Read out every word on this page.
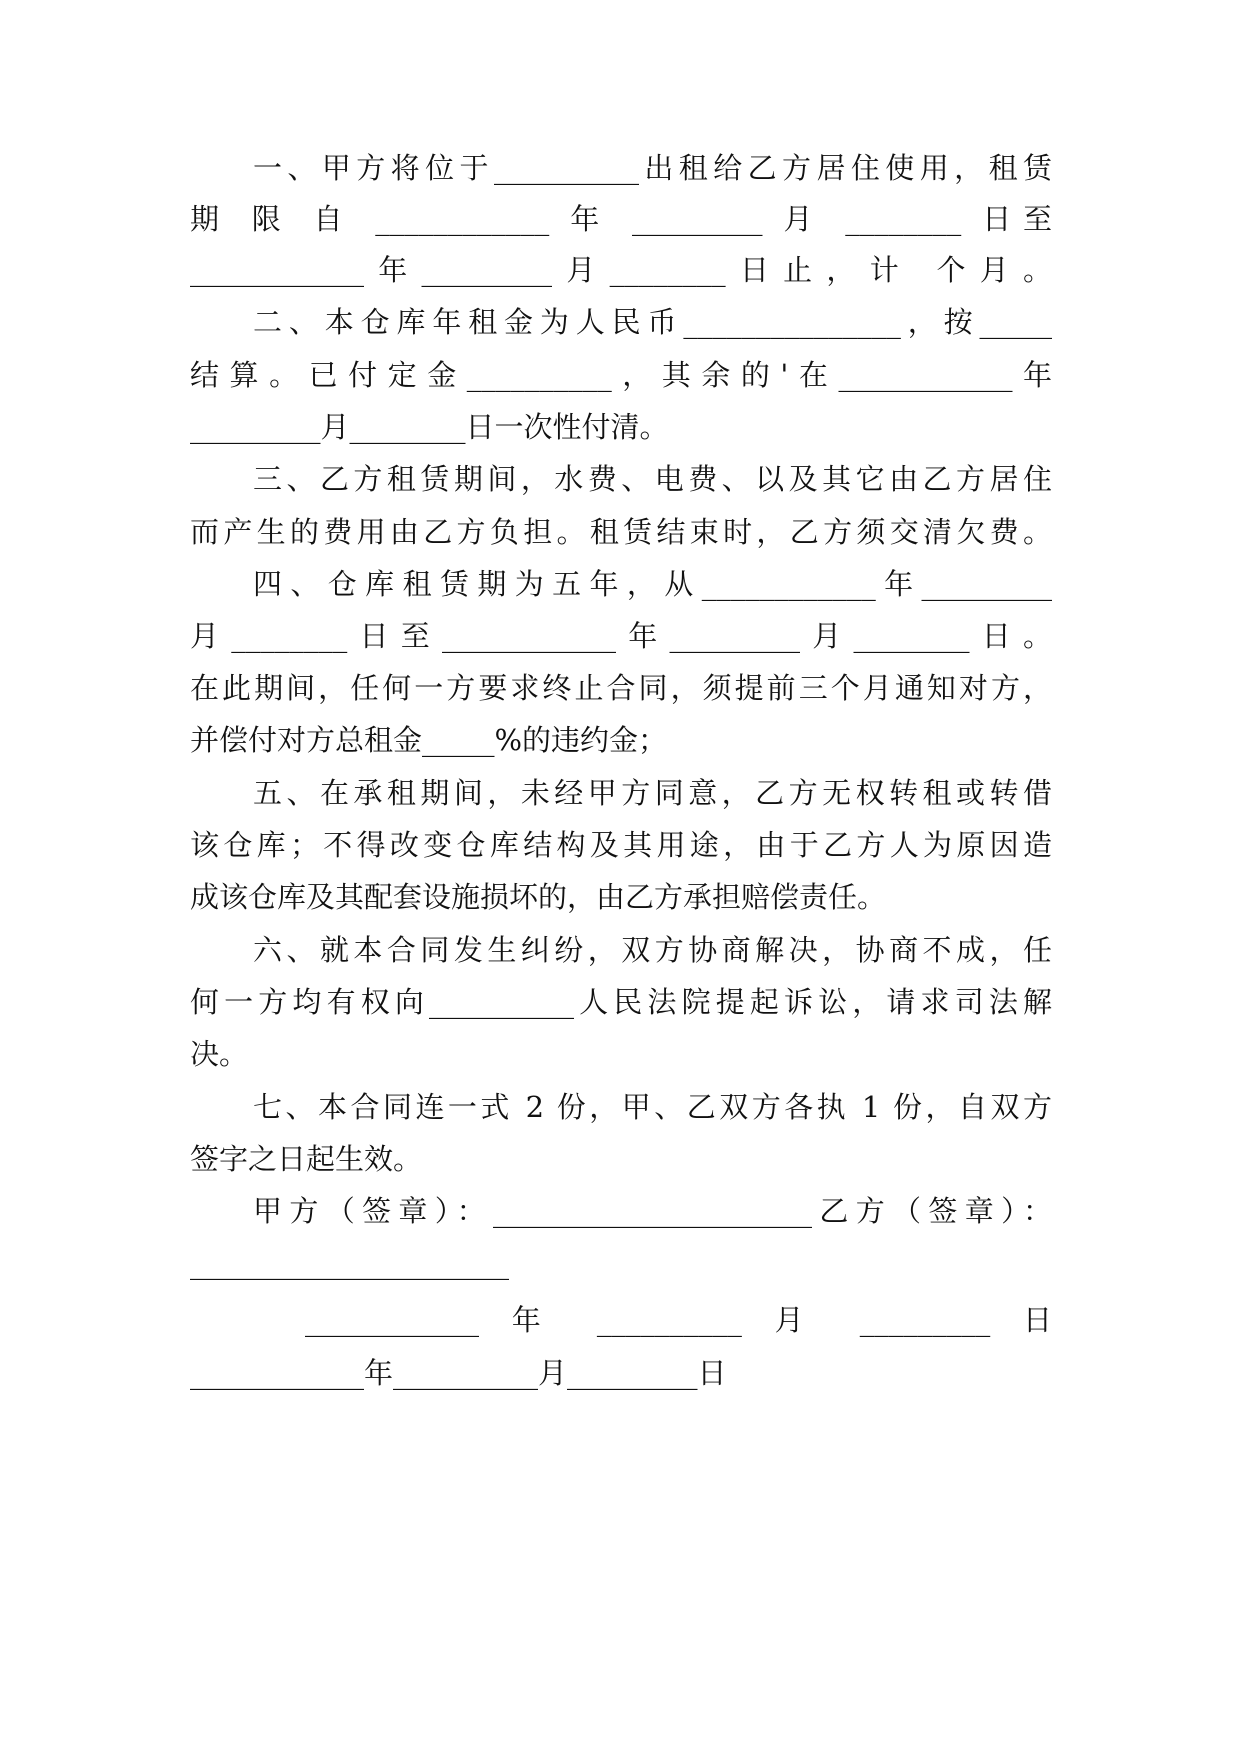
一、甲方将位于__________出租给乙方居住使用，租赁
期 限 自 ____________ 年 _________ 月 ________ 日至
____________年_________月________日止，计 个月。
二、本仓库年租金为人民币_______________，按_____
结算。已付定金__________，其余的'在____________年
_________月________日一次性付清。
三、乙方租赁期间，水费、电费、以及其它由乙方居住
而产生的费用由乙方负担。租赁结束时，乙方须交清欠费。
四、仓库租赁期为五年，从____________年_________
月________日至____________年_________月________日。
在此期间，任何一方要求终止合同，须提前三个月通知对方，
并偿付对方总租金_____%的违约金；
五、在承租期间，未经甲方同意，乙方无权转租或转借
该仓库；不得改变仓库结构及其用途，由于乙方人为原因造
成该仓库及其配套设施损坏的，由乙方承担赔偿责任。
六、就本合同发生纠纷，双方协商解决，协商不成，任
何一方均有权向__________人民法院提起诉讼，请求司法解
决。
七、本合同连一式 2 份，甲、乙双方各执 1 份，自双方
签字之日起生效。
甲方（签章）：______________________乙方（签章）：
______________________
____________ 年 __________ 月 _________ 日
____________年__________月_________日
